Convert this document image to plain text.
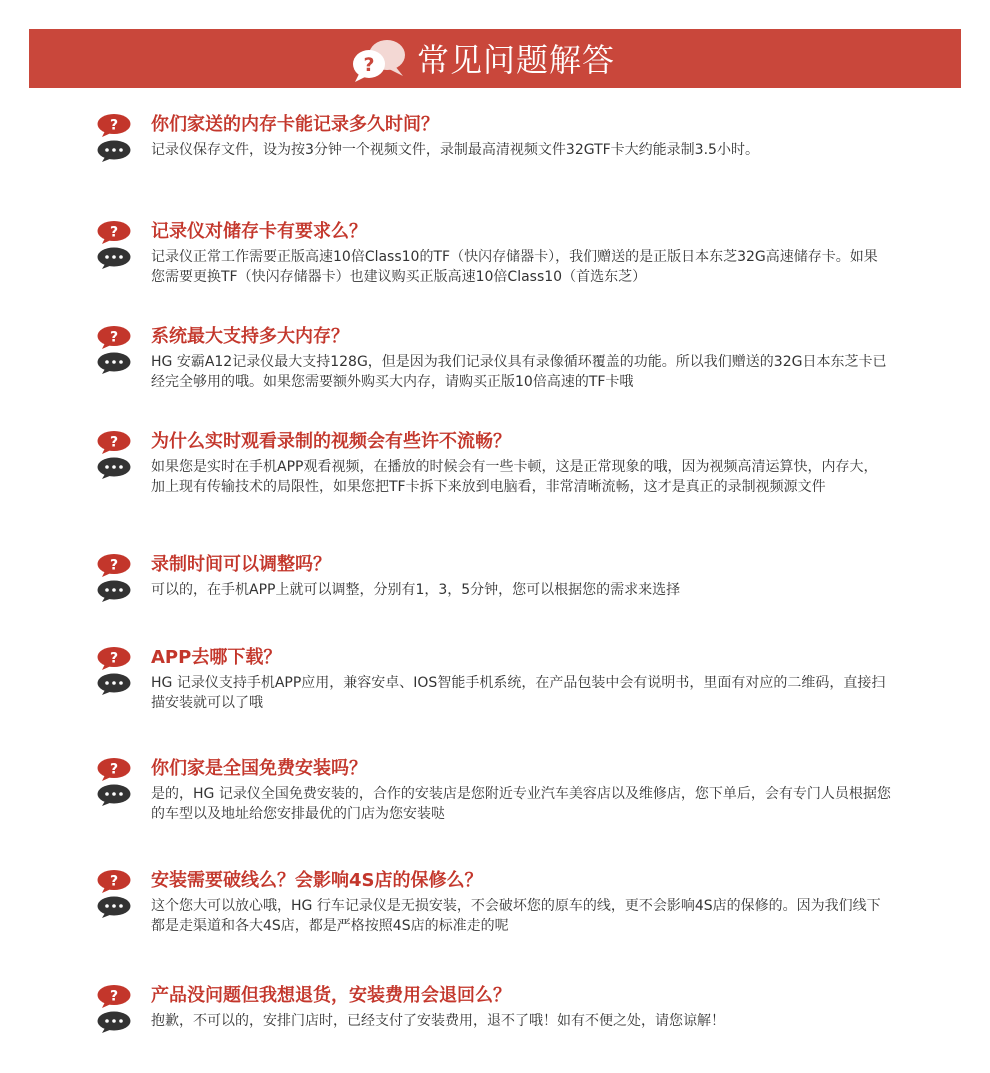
? 常见问题解答
? 你们家送的内存卡能记录多久时间？
记录仪保存文件，设为按3分钟一个视频文件，录制最高清视频文件32GTF卡大约能录制3.5小时。
? 记录仪对储存卡有要求么？
记录仪正常工作需要正版高速10倍Class10的TF（快闪存储器卡），我们赠送的是正版日本东芝32G高速储存卡。如果您需要更换TF（快闪存储器卡）也建议购买正版高速10倍Class10（首选东芝）
? 系统最大支持多大内存？
HG 安霸A12记录仪最大支持128G，但是因为我们记录仪具有录像循环覆盖的功能。所以我们赠送的32G日本东芝卡已经完全够用的哦。如果您需要额外购买大内存，请购买正版10倍高速的TF卡哦
? 为什么实时观看录制的视频会有些许不流畅？
如果您是实时在手机APP观看视频，在播放的时候会有一些卡顿，这是正常现象的哦，因为视频高清运算快，内存大，加上现有传输技术的局限性，如果您把TF卡拆下来放到电脑看，非常清晰流畅，这才是真正的录制视频源文件
? 录制时间可以调整吗？
可以的，在手机APP上就可以调整，分别有1，3，5分钟，您可以根据您的需求来选择
? APP去哪下载？
HG 记录仪支持手机APP应用，兼容安卓、IOS智能手机系统，在产品包装中会有说明书，里面有对应的二维码，直接扫描安装就可以了哦
? 你们家是全国免费安装吗？
是的，HG 记录仪全国免费安装的，合作的安装店是您附近专业汽车美容店以及维修店，您下单后，会有专门人员根据您的车型以及地址给您安排最优的门店为您安装哒
? 安装需要破线么？会影响4S店的保修么？
这个您大可以放心哦，HG 行车记录仪是无损安装，不会破坏您的原车的线，更不会影响4S店的保修的。因为我们线下都是走渠道和各大4S店，都是严格按照4S店的标准走的呢
? 产品没问题但我想退货，安装费用会退回么？
抱歉，不可以的，安排门店时，已经支付了安装费用，退不了哦！如有不便之处，请您谅解！
